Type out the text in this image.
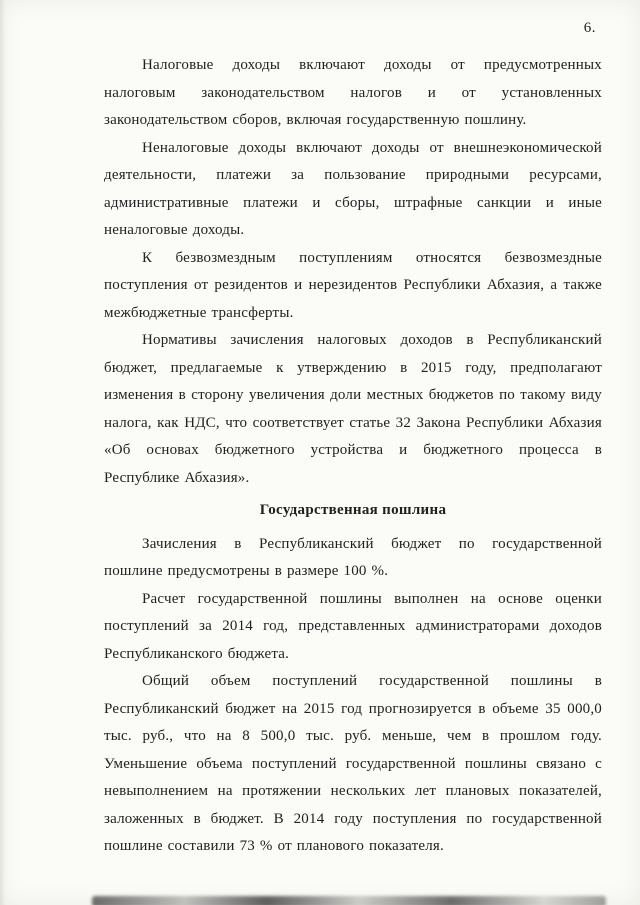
6.

Налоговые доходы включают доходы от предусмотренных налоговым законодательством налогов и от установленных законодательством сборов, включая государственную пошлину.

Неналоговые доходы включают доходы от внешнеэкономической деятельности, платежи за пользование природными ресурсами, административные платежи и сборы, штрафные санкции и иные неналоговые доходы.

К безвозмездным поступлениям относятся безвозмездные поступления от резидентов и нерезидентов Республики Абхазия, а также межбюджетные трансферты.

Нормативы зачисления налоговых доходов в Республиканский бюджет, предлагаемые к утверждению в 2015 году, предполагают изменения в сторону увеличения доли местных бюджетов по такому виду налога, как НДС, что соответствует статье 32 Закона Республики Абхазия «Об основах бюджетного устройства и бюджетного процесса в Республике Абхазия».

Государственная пошлина

Зачисления в Республиканский бюджет по государственной пошлине предусмотрены в размере 100 %.

Расчет государственной пошлины выполнен на основе оценки поступлений за 2014 год, представленных администраторами доходов Республиканского бюджета.

Общий объем поступлений государственной пошлины в Республиканский бюджет на 2015 год прогнозируется в объеме 35 000,0 тыс. руб., что на 8 500,0 тыс. руб. меньше, чем в прошлом году. Уменьшение объема поступлений государственной пошлины связано с невыполнением на протяжении нескольких лет плановых показателей, заложенных в бюджет. В 2014 году поступления по государственной пошлине составили 73 % от планового показателя.
